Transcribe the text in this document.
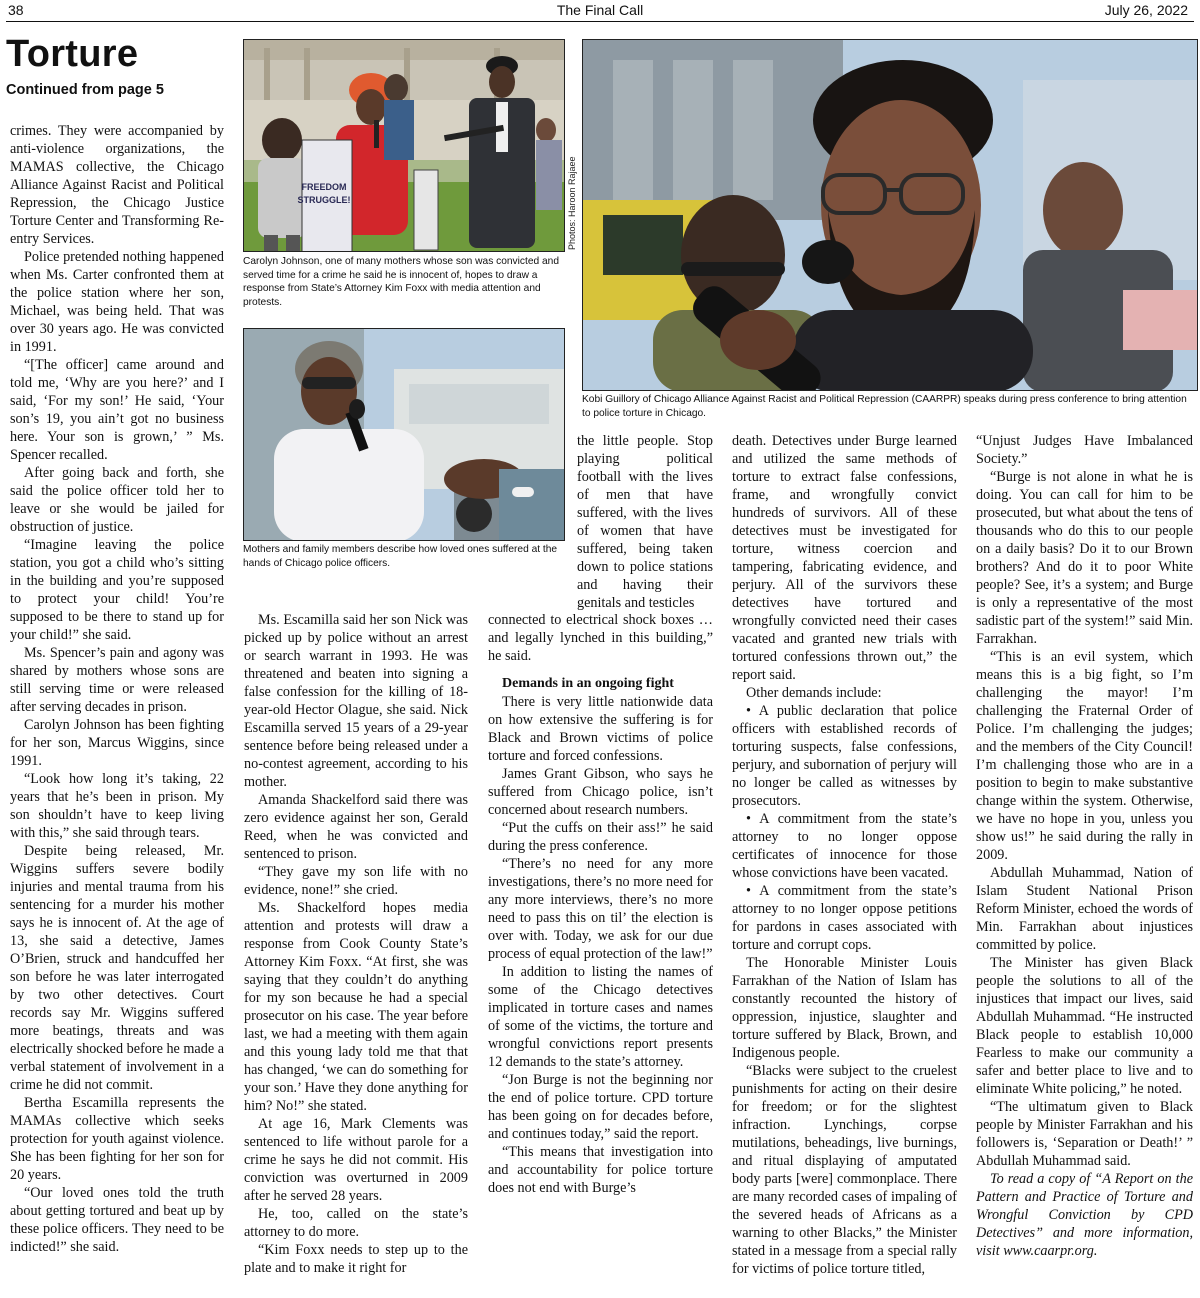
38	The Final Call	July 26, 2022
Torture
Continued from page 5

crimes. They were accompanied by anti-violence organizations, the MAMAS collective, the Chicago Alliance Against Racist and Political Repression, the Chicago Justice Torture Center and Transforming Re-entry Services.

Police pretended nothing happened when Ms. Carter confronted them at the police station where her son, Michael, was being held. That was over 30 years ago. He was convicted in 1991.

“[The officer] came around and told me, ‘Why are you here?’ and I said, ‘For my son!’ He said, ‘Your son’s 19, you ain’t got no business here. Your son is grown,’ ” Ms. Spencer recalled.

After going back and forth, she said the police officer told her to leave or she would be jailed for obstruction of justice.

“Imagine leaving the police station, you got a child who’s sitting in the building and you’re supposed to protect your child! You’re supposed to be there to stand up for your child!” she said.

Ms. Spencer’s pain and agony was shared by mothers whose sons are still serving time or were released after serving decades in prison.

Carolyn Johnson has been fighting for her son, Marcus Wiggins, since 1991.

“Look how long it’s taking, 22 years that he’s been in prison. My son shouldn’t have to keep living with this,” she said through tears.

Despite being released, Mr. Wiggins suffers severe bodily injuries and mental trauma from his sentencing for a murder his mother says he is innocent of. At the age of 13, she said a detective, James O’Brien, struck and handcuffed her son before he was later interrogated by two other detectives. Court records say Mr. Wiggins suffered more beatings, threats and was electrically shocked before he made a verbal statement of involvement in a crime he did not commit.

Bertha Escamilla represents the MAMAs collective which seeks protection for youth against violence. She has been fighting for her son for 20 years.

“Our loved ones told the truth about getting tortured and beat up by these police officers. They need to be indicted!” she said.

FREEDOM
STRUGGLE!	Photos: Haroon Rajaee
Carolyn Johnson, one of many mothers whose son was convicted and served time for a crime he said he is innocent of, hopes to draw a response from State’s Attorney Kim Foxx with media attention and protests.
Mothers and family members describe how loved ones suffered at the hands of Chicago police officers.
Kobi Guillory of Chicago Alliance Against Racist and Political Repression (CAARPR) speaks during press conference to bring attention to police torture in Chicago.

Ms. Escamilla said her son Nick was picked up by police without an arrest or search warrant in 1993. He was threatened and beaten into signing a false confession for the killing of 18-year-old Hector Olague, she said. Nick Escamilla served 15 years of a 29-year sentence before being released under a no-contest agreement, according to his mother.

Amanda Shackelford said there was zero evidence against her son, Gerald Reed, when he was convicted and sentenced to prison.

“They gave my son life with no evidence, none!” she cried.

Ms. Shackelford hopes media attention and protests will draw a response from Cook County State’s Attorney Kim Foxx. “At first, she was saying that they couldn’t do anything for my son because he had a special prosecutor on his case. The year before last, we had a meeting with them again and this young lady told me that that has changed, ‘we can do something for your son.’ Have they done anything for him? No!” she stated.

At age 16, Mark Clements was sentenced to life without parole for a crime he says he did not commit. His conviction was overturned in 2009 after he served 28 years.

He, too, called on the state’s attorney to do more.

“Kim Foxx needs to step up to the plate and to make it right for

the little people. Stop playing political football with the lives of men that have suffered, with the lives of women that have suffered, being taken down to police stations and having their genitals and testicles

connected to electrical shock boxes … and legally lynched in this building,” he said.

Demands in an ongoing fight

There is very little nationwide data on how extensive the suffering is for Black and Brown victims of police torture and forced confessions.

James Grant Gibson, who says he suffered from Chicago police, isn’t concerned about research numbers.

“Put the cuffs on their ass!” he said during the press conference.

“There’s no need for any more investigations, there’s no more need for any more interviews, there’s no more need to pass this on til’ the election is over with. Today, we ask for our due process of equal protection of the law!”

In addition to listing the names of some of the Chicago detectives implicated in torture cases and names of some of the victims, the torture and wrongful convictions report presents 12 demands to the state’s attorney.

“Jon Burge is not the beginning nor the end of police torture. CPD torture has been going on for decades before, and continues today,” said the report.

“This means that investigation into and accountability for police torture does not end with Burge’s

death. Detectives under Burge learned and utilized the same methods of torture to extract false confessions, frame, and wrongfully convict hundreds of survivors. All of these detectives must be investigated for torture, witness coercion and tampering, fabricating evidence, and perjury. All of the survivors these detectives have tortured and wrongfully convicted need their cases vacated and granted new trials with tortured confessions thrown out,” the report said.

Other demands include:

• A public declaration that police officers with established records of torturing suspects, false confessions, perjury, and subornation of perjury will no longer be called as witnesses by prosecutors.

• A commitment from the state’s attorney to no longer oppose certificates of innocence for those whose convictions have been vacated.

• A commitment from the state’s attorney to no longer oppose petitions for pardons in cases associated with torture and corrupt cops.

The Honorable Minister Louis Farrakhan of the Nation of Islam has constantly recounted the history of oppression, injustice, slaughter and torture suffered by Black, Brown, and Indigenous people.

“Blacks were subject to the cruelest punishments for acting on their desire for freedom; or for the slightest infraction. Lynchings, corpse mutilations, beheadings, live burnings, and ritual displaying of amputated body parts [were] commonplace. There are many recorded cases of impaling of the severed heads of Africans as a warning to other Blacks,” the Minister stated in a message from a special rally for victims of police torture titled,

“Unjust Judges Have Imbalanced Society.”

“Burge is not alone in what he is doing. You can call for him to be prosecuted, but what about the tens of thousands who do this to our people on a daily basis? Do it to our Brown brothers? And do it to poor White people? See, it’s a system; and Burge is only a representative of the most sadistic part of the system!” said Min. Farrakhan.

“This is an evil system, which means this is a big fight, so I’m challenging the mayor! I’m challenging the Fraternal Order of Police. I’m challenging the judges; and the members of the City Council! I’m challenging those who are in a position to begin to make substantive change within the system. Otherwise, we have no hope in you, unless you show us!” he said during the rally in 2009.

Abdullah Muhammad, Nation of Islam Student National Prison Reform Minister, echoed the words of Min. Farrakhan about injustices committed by police.

The Minister has given Black people the solutions to all of the injustices that impact our lives, said Abdullah Muhammad. “He instructed Black people to establish 10,000 Fearless to make our community a safer and better place to live and to eliminate White policing,” he noted.

“The ultimatum given to Black people by Minister Farrakhan and his followers is, ‘Separation or Death!’ ” Abdullah Muhammad said.

To read a copy of “A Report on the Pattern and Practice of Torture and Wrongful Conviction by CPD Detectives” and more information, visit www.caarpr.org.
